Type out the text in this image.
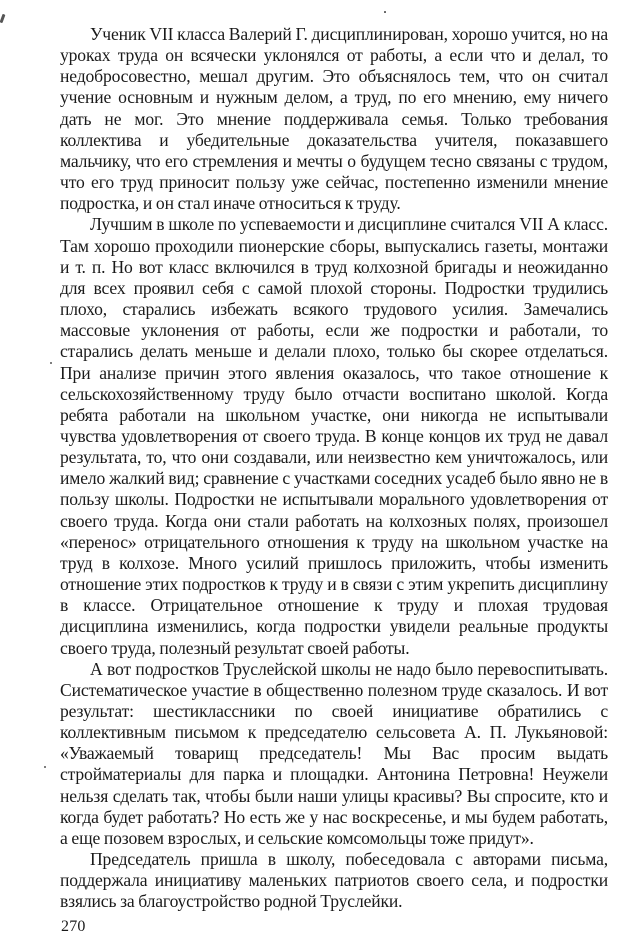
Ученик VII класса Валерий Г. дисциплинирован, хорошо учится, но на уроках труда он всячески уклонялся от работы, а если что и делал, то недобросовестно, мешал другим. Это объяснялось тем, что он считал учение основным и нужным делом, а труд, по его мнению, ему ничего дать не мог. Это мнение поддерживала семья. Только требования коллектива и убедительные доказательства учителя, показавшего мальчику, что его стремления и мечты о будущем тесно связаны с трудом, что его труд приносит пользу уже сейчас, постепенно изменили мнение подростка, и он стал иначе относиться к труду.

Лучшим в школе по успеваемости и дисциплине считался VII А класс. Там хорошо проходили пионерские сборы, выпускались газеты, монтажи и т. п. Но вот класс включился в труд колхозной бригады и неожиданно для всех проявил себя с самой плохой стороны. Подростки трудились плохо, старались избежать всякого трудового усилия. Замечались массовые уклонения от работы, если же подростки и работали, то старались делать меньше и делали плохо, только бы скорее отделаться. При анализе причин этого явления оказалось, что такое отношение к сельскохозяйственному труду было отчасти воспитано школой. Когда ребята работали на школьном участке, они никогда не испытывали чувства удовлетворения от своего труда. В конце концов их труд не давал результата, то, что они создавали, или неизвестно кем уничтожалось, или имело жалкий вид; сравнение с участками соседних усадеб было явно не в пользу школы. Подростки не испытывали морального удовлетворения от своего труда. Когда они стали работать на колхозных полях, произошел «перенос» отрицательного отношения к труду на школьном участке на труд в колхозе. Много усилий пришлось приложить, чтобы изменить отношение этих подростков к труду и в связи с этим укрепить дисциплину в классе. Отрицательное отношение к труду и плохая трудовая дисциплина изменились, когда подростки увидели реальные продукты своего труда, полезный результат своей работы.

А вот подростков Труслейской школы не надо было перевоспитывать. Систематическое участие в общественно полезном труде сказалось. И вот результат: шестиклассники по своей инициативе обратились с коллективным письмом к председателю сельсовета А. П. Лукьяновой: «Уважаемый товарищ председатель! Мы Вас просим выдать стройматериалы для парка и площадки. Антонина Петровна! Неужели нельзя сделать так, чтобы были наши улицы красивы? Вы спросите, кто и когда будет работать? Но есть же у нас воскресенье, и мы будем работать, а еще позовем взрослых, и сельские комсомольцы тоже придут».

Председатель пришла в школу, побеседовала с авторами письма, поддержала инициативу маленьких патриотов своего села, и подростки взялись за благоустройство родной Труслейки.

270
